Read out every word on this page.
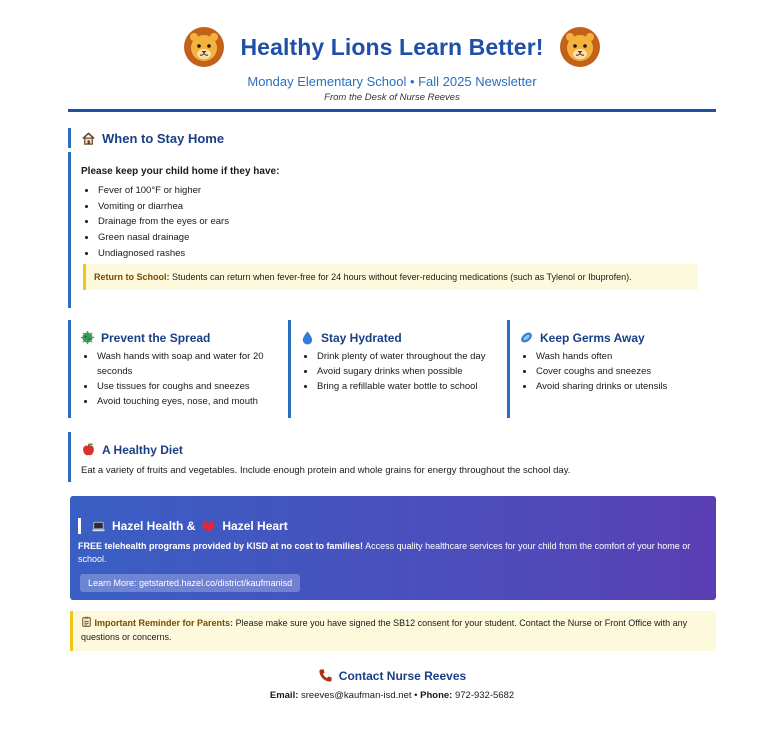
Healthy Lions Learn Better!
Monday Elementary School • Fall 2025 Newsletter
From the Desk of Nurse Reeves
When to Stay Home
Please keep your child home if they have:
• Fever of 100°F or higher
• Vomiting or diarrhea
• Drainage from the eyes or ears
• Green nasal drainage
• Undiagnosed rashes
Return to School: Students can return when fever-free for 24 hours without fever-reducing medications (such as Tylenol or Ibuprofen).
Prevent the Spread
• Wash hands with soap and water for 20 seconds
• Use tissues for coughs and sneezes
• Avoid touching eyes, nose, and mouth
Stay Hydrated
• Drink plenty of water throughout the day
• Avoid sugary drinks when possible
• Bring a refillable water bottle to school
Keep Germs Away
• Wash hands often
• Cover coughs and sneezes
• Avoid sharing drinks or utensils
A Healthy Diet

Eat a variety of fruits and vegetables. Include enough protein and whole grains for energy throughout the school day.

Hazel Health & Hazel Heart
FREE telehealth programs provided by KISD at no cost to families! Access quality healthcare services for your child from the comfort of your home or school.
Learn More: getstarted.hazel.co/district/kaufmanisd
Important Reminder for Parents: Please make sure you have signed the SB12 consent for your student. Contact the Nurse or Front Office with any questions or concerns.
Contact Nurse Reeves
Email: sreeves@kaufman-isd.net • Phone: 972-932-5682
